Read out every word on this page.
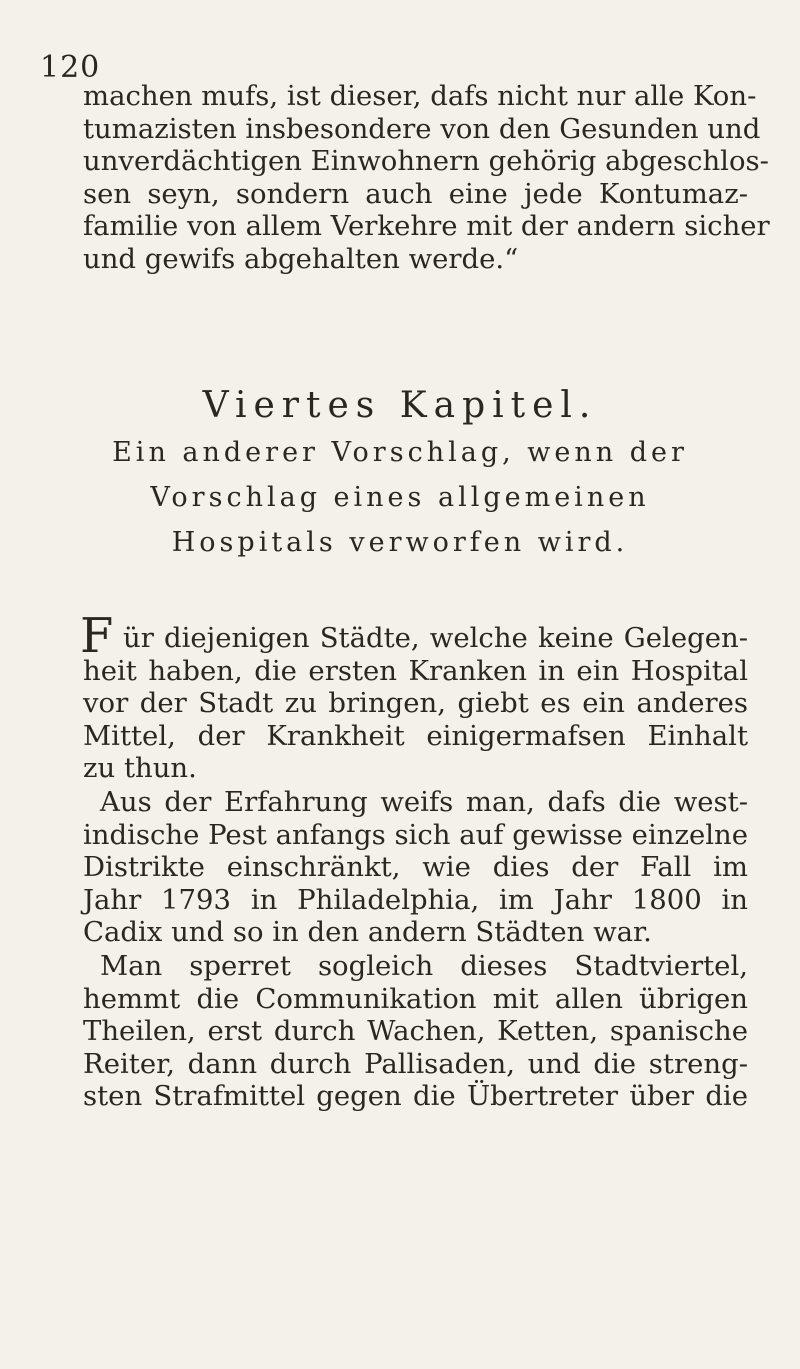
120
machen mufs, ist dieser, dafs nicht nur alle Kon-
tumazisten insbesondere von den Gesunden und
unverdächtigen Einwohnern gehörig abgeschlos-
sen seyn, sondern auch eine jede Kontumaz-
familie von allem Verkehre mit der andern sicher
und gewifs abgehalten werde.“
Viertes Kapitel.
Ein anderer Vorschlag, wenn der
Vorschlag eines allgemeinen
Hospitals verworfen wird.
F ür diejenigen Städte, welche keine Gelegen-
heit haben, die ersten Kranken in ein Hospital
vor der Stadt zu bringen, giebt es ein anderes
Mittel, der Krankheit einigermafsen Einhalt
zu thun.
Aus der Erfahrung weifs man, dafs die west-
indische Pest anfangs sich auf gewisse einzelne
Distrikte einschränkt, wie dies der Fall im
Jahr 1793 in Philadelphia, im Jahr 1800 in
Cadix und so in den andern Städten war.
Man sperret sogleich dieses Stadtviertel,
hemmt die Communikation mit allen übrigen
Theilen, erst durch Wachen, Ketten, spanische
Reiter, dann durch Pallisaden, und die streng-
sten Strafmittel gegen die Übertreter über die
